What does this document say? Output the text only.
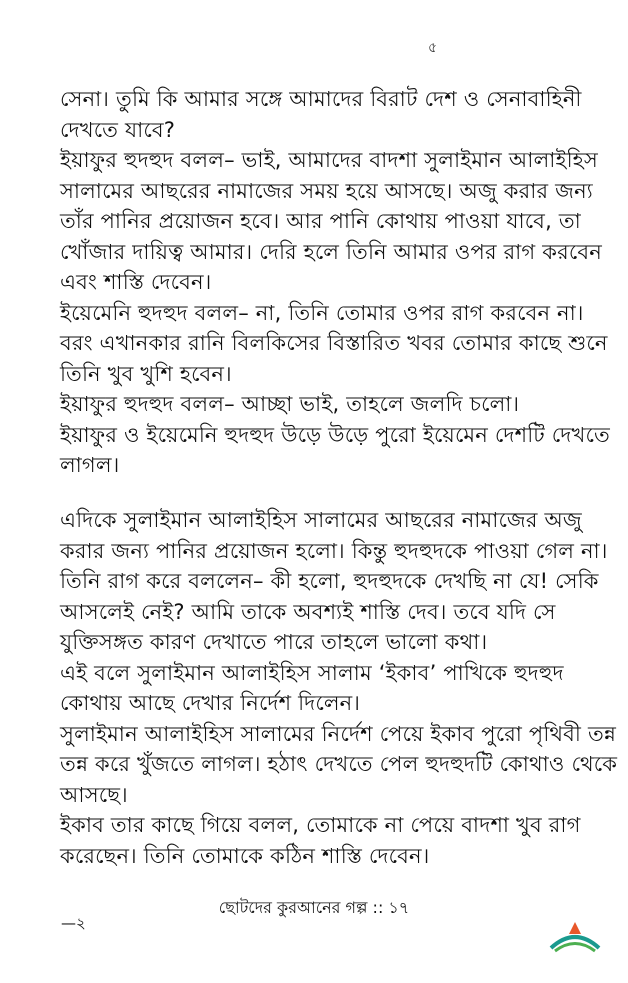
৫

সেনা। তুমি কি আমার সঙ্গে আমাদের বিরাট দেশ ও সেনাবাহিনী দেখতে যাবে?

ইয়াফুর হুদহুদ বলল– ভাই, আমাদের বাদশা সুলাইমান আলাইহিস সালামের আছরের নামাজের সময় হয়ে আসছে। অজু করার জন্য তাঁর পানির প্রয়োজন হবে। আর পানি কোথায় পাওয়া যাবে, তা খোঁজার দায়িত্ব আমার। দেরি হলে তিনি আমার ওপর রাগ করবেন এবং শাস্তি দেবেন।

ইয়েমেনি হুদহুদ বলল– না, তিনি তোমার ওপর রাগ করবেন না। বরং এখানকার রানি বিলকিসের বিস্তারিত খবর তোমার কাছে শুনে তিনি খুব খুশি হবেন।

ইয়াফুর হুদহুদ বলল– আচ্ছা ভাই, তাহলে জলদি চলো।

ইয়াফুর ও ইয়েমেনি হুদহুদ উড়ে উড়ে পুরো ইয়েমেন দেশটি দেখতে লাগল।

এদিকে সুলাইমান আলাইহিস সালামের আছরের নামাজের অজু করার জন্য পানির প্রয়োজন হলো। কিন্তু হুদহুদকে পাওয়া গেল না। তিনি রাগ করে বললেন– কী হলো, হুদহুদকে দেখছি না যে! সেকি আসলেই নেই? আমি তাকে অবশ্যই শাস্তি দেব। তবে যদি সে যুক্তিসঙ্গত কারণ দেখাতে পারে তাহলে ভালো কথা।

এই বলে সুলাইমান আলাইহিস সালাম ‘ইকাব’ পাখিকে হুদহুদ কোথায় আছে দেখার নির্দেশ দিলেন।

সুলাইমান আলাইহিস সালামের নির্দেশ পেয়ে ইকাব পুরো পৃথিবী তন্ন তন্ন করে খুঁজতে লাগল। হঠাৎ দেখতে পেল হুদহুদটি কোথাও থেকে আসছে।

ইকাব তার কাছে গিয়ে বলল, তোমাকে না পেয়ে বাদশা খুব রাগ করেছেন। তিনি তোমাকে কঠিন শাস্তি দেবেন।

ছোটদের কুরআনের গল্প :: ১৭
—২
